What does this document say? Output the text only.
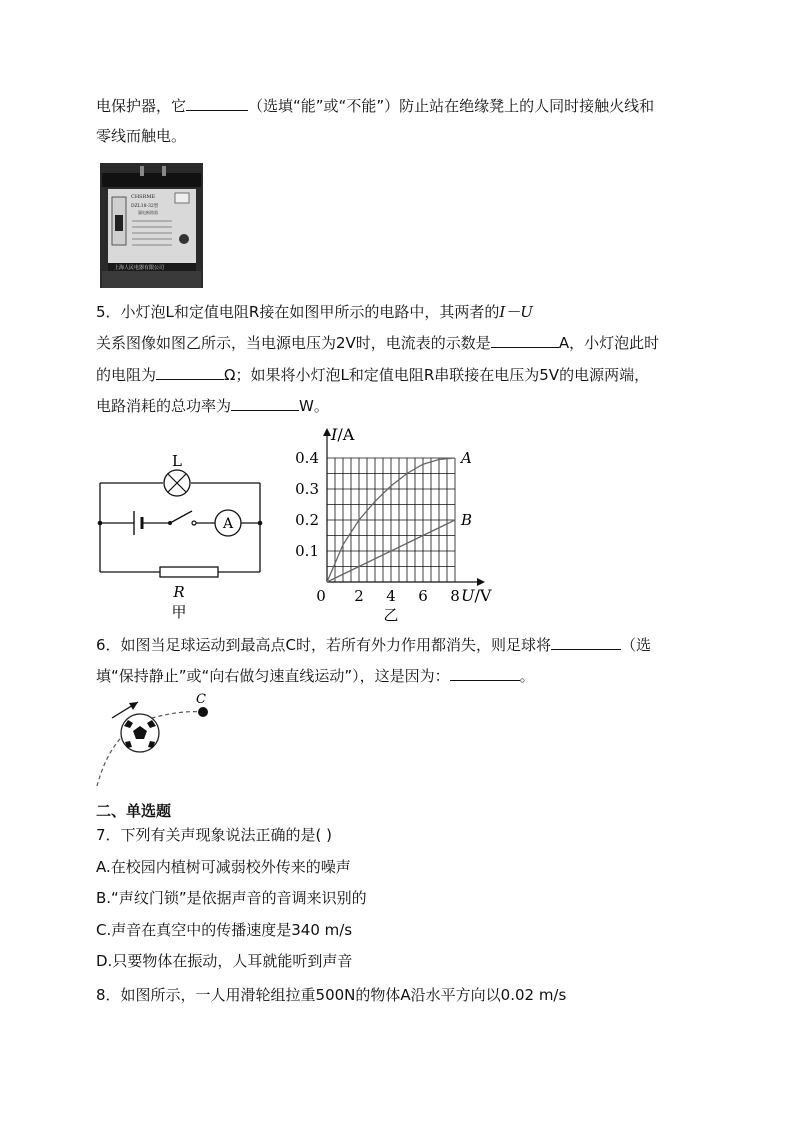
电保护器，它	（选填“能”或“不能”）防止站在绝缘凳上的人同时接触火线和
零线而触电。
CHSRME
DZL18-32型
漏电断路器
上海人民电器有限公司
5．小灯泡L和定值电阻R接在如图甲所示的电路中，其两者的I－U
关系图像如图乙所示，当电源电压为2V时，电流表的示数是	A，小灯泡此时
的电阻为	Ω；如果将小灯泡L和定值电阻R串联接在电压为5V的电源两端，
电路消耗的总功率为	W。
L
A
R
甲
0 2 4 6 8
0.1
0.2
0.3
0.4	A
B
I/A
U/V
乙
6．如图当足球运动到最高点C时，若所有外力作用都消失，则足球将	（选
填“保持静止”或“向右做匀速直线运动”），这是因为：	。
C
二、单选题
7．下列有关声现象说法正确的是( )
A.在校园内植树可减弱校外传来的噪声
B.“声纹门锁”是依据声音的音调来识别的
C.声音在真空中的传播速度是340 m/s
D.只要物体在振动，人耳就能听到声音
8．如图所示，一人用滑轮组拉重500N的物体A沿水平方向以0.02 m/s
